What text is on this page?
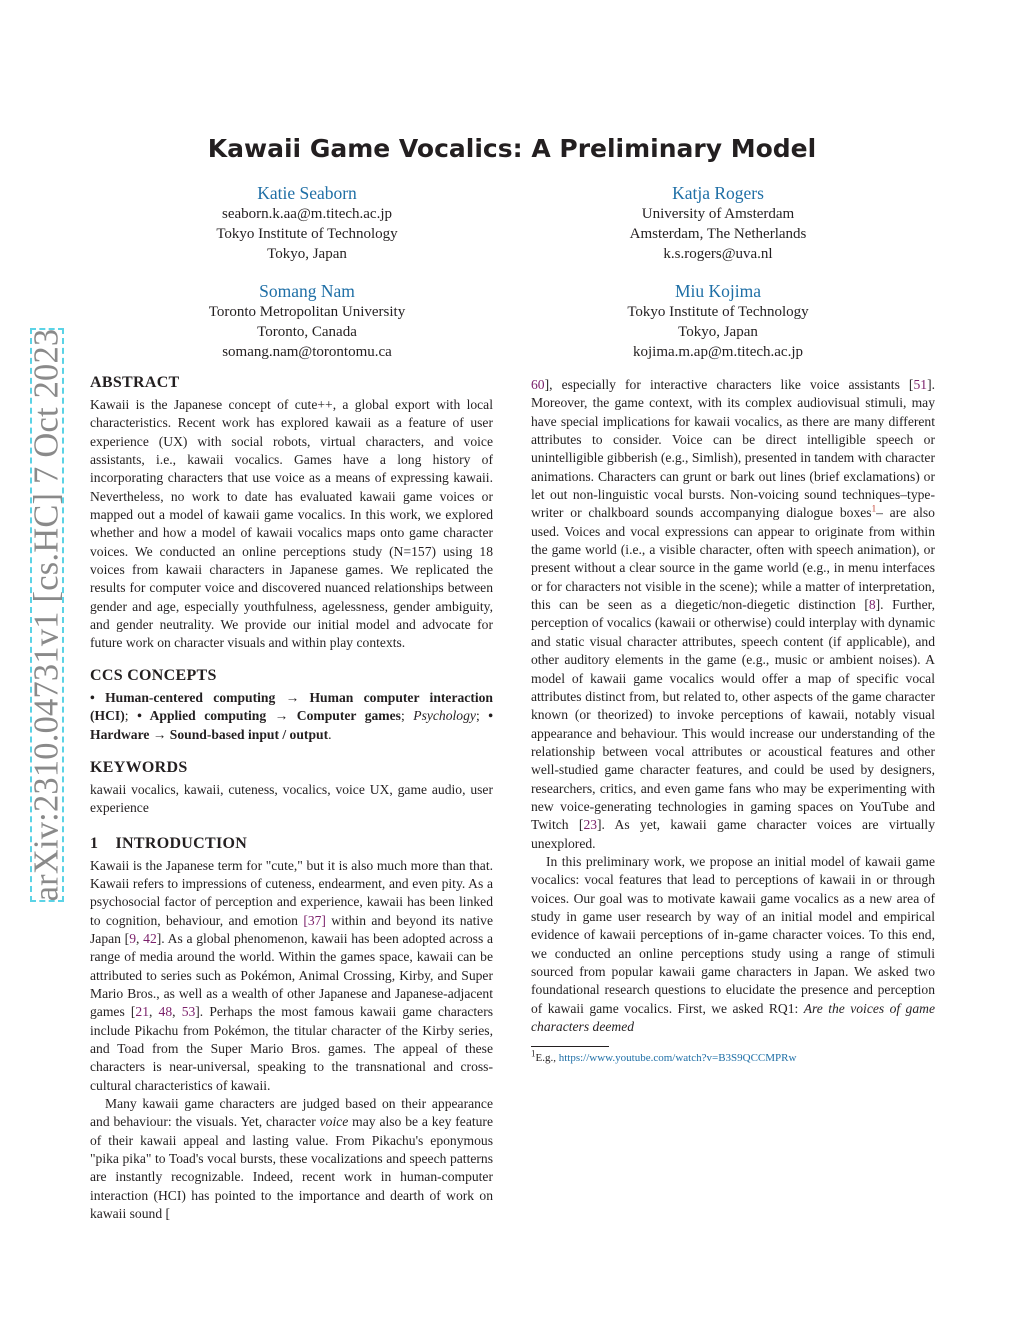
arXiv:2310.04731v1 [cs.HC] 7 Oct 2023
Kawaii Game Vocalics: A Preliminary Model
Katie Seaborn
seaborn.k.aa@m.titech.ac.jp
Tokyo Institute of Technology
Tokyo, Japan
Katja Rogers
University of Amsterdam
Amsterdam, The Netherlands
k.s.rogers@uva.nl
Somang Nam
Toronto Metropolitan University
Toronto, Canada
somang.nam@torontomu.ca
Miu Kojima
Tokyo Institute of Technology
Tokyo, Japan
kojima.m.ap@m.titech.ac.jp
ABSTRACT

Kawaii is the Japanese concept of cute++, a global export with local characteristics. Recent work has explored kawaii as a feature of user experience (UX) with social robots, virtual characters, and voice assistants, i.e., kawaii vocalics. Games have a long history of incorporating characters that use voice as a means of expressing kawaii. Nevertheless, no work to date has evaluated kawaii game voices or mapped out a model of kawaii game vocalics. In this work, we explored whether and how a model of kawaii vocalics maps onto game character voices. We conducted an online perceptions study (N=157) using 18 voices from kawaii characters in Japanese games. We replicated the results for computer voice and discovered nuanced relationships between gender and age, especially youthfulness, agelessness, gender ambiguity, and gender neutrality. We provide our initial model and advocate for future work on character visuals and within play contexts.

CCS CONCEPTS

• Human-centered computing → Human computer interaction (HCI); • Applied computing → Computer games; Psychology; • Hardware → Sound-based input / output.

KEYWORDS

kawaii vocalics, kawaii, cuteness, vocalics, voice UX, game audio, user experience

1    INTRODUCTION

Kawaii is the Japanese term for "cute," but it is also much more than that. Kawaii refers to impressions of cuteness, endearment, and even pity. As a psychosocial factor of perception and experience, kawaii has been linked to cognition, behaviour, and emotion [37] within and beyond its native Japan [9, 42]. As a global phenomenon, kawaii has been adopted across a range of media around the world. Within the games space, kawaii can be attributed to series such as Pokémon, Animal Crossing, Kirby, and Super Mario Bros., as well as a wealth of other Japanese and Japanese-adjacent games [21, 48, 53]. Perhaps the most famous kawaii game characters include Pikachu from Pokémon, the titular character of the Kirby series, and Toad from the Super Mario Bros. games. The appeal of these characters is near-universal, speaking to the transnational and cross-cultural characteristics of kawaii.

Many kawaii game characters are judged based on their appearance and behaviour: the visuals. Yet, character voice may also be a key feature of their kawaii appeal and lasting value. From Pikachu's eponymous "pika pika" to Toad's vocal bursts, these vocalizations and speech patterns are instantly recognizable. Indeed, recent work in human-computer interaction (HCI) has pointed to the importance and dearth of work on kawaii sound [

60], especially for interactive characters like voice assistants [51]. Moreover, the game context, with its complex audiovisual stimuli, may have special implications for kawaii vocalics, as there are many different attributes to consider. Voice can be direct intelligible speech or unintelligible gibberish (e.g., Simlish), presented in tandem with character animations. Characters can grunt or bark out lines (brief exclamations) or let out non-linguistic vocal bursts. Non-voicing sound techniques–type-writer or chalkboard sounds accompanying dialogue boxes$^1$– are also used. Voices and vocal expressions can appear to originate from within the game world (i.e., a visible character, often with speech animation), or present without a clear source in the game world (e.g., in menu interfaces or for characters not visible in the scene); while a matter of interpretation, this can be seen as a diegetic/non-diegetic distinction [8]. Further, perception of vocalics (kawaii or otherwise) could interplay with dynamic and static visual character attributes, speech content (if applicable), and other auditory elements in the game (e.g., music or ambient noises). A model of kawaii game vocalics would offer a map of specific vocal attributes distinct from, but related to, other aspects of the game character known (or theorized) to invoke perceptions of kawaii, notably visual appearance and behaviour. This would increase our understanding of the relationship between vocal attributes or acoustical features and other well-studied game character features, and could be used by designers, researchers, critics, and even game fans who may be experimenting with new voice-generating technologies in gaming spaces on YouTube and Twitch [23]. As yet, kawaii game character voices are virtually unexplored.

In this preliminary work, we propose an initial model of kawaii game vocalics: vocal features that lead to perceptions of kawaii in or through voices. Our goal was to motivate kawaii game vocalics as a new area of study in game user research by way of an initial model and empirical evidence of kawaii perceptions of in-game character voices. To this end, we conducted an online perceptions study using a range of stimuli sourced from popular kawaii game characters in Japan. We asked two foundational research questions to elucidate the presence and perception of kawaii game vocalics. First, we asked RQ1: Are the voices of game characters deemed

$^1$E.g., https://www.youtube.com/watch?v=B3S9QCCMPRw
